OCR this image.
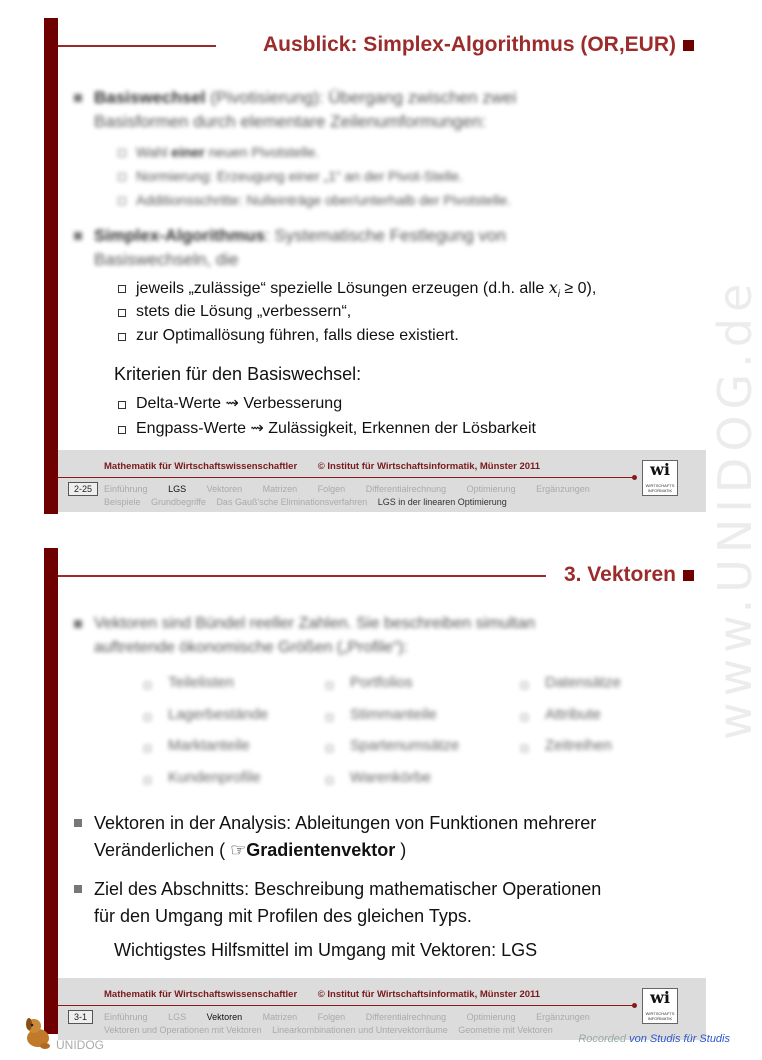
www.UNIDOG.de
Ausblick: Simplex-Algorithmus (OR,EUR)
Basiswechsel (Pivotisierung): Übergang zwischen zwei
Basisformen durch elementare Zeilenumformungen:
Wahl einer neuen Pivotstelle.
Normierung: Erzeugung einer „1“ an der Pivot-Stelle.
Additionsschritte: Nulleinträge ober/unterhalb der Pivotstelle.
Simplex-Algorithmus: Systematische Festlegung von
Basiswechseln, die
jeweils „zulässige“ spezielle Lösungen erzeugen (d.h. alle $x_i \ge 0$),
stets die Lösung „verbessern“,
zur Optimallösung führen, falls diese existiert.
Kriterien für den Basiswechsel:
Delta-Werte ⇝ Verbesserung
Engpass-Werte ⇝ Zulässigkeit, Erkennen der Lösbarkeit
Mathematik für Wirtschaftswissenschaftler © Institut für Wirtschaftsinformatik, Münster 2011
2-25	Einführung LGS Vektoren Matrizen Folgen Differentialrechnung Optimierung Ergänzungen
Beispiele Grundbegriffe Das Gauß'sche Eliminationsverfahren LGS in der linearen Optimierung
wi
WIRTSCHAFTS INFORMATIK
3. Vektoren
Vektoren sind Bündel reeller Zahlen. Sie beschreiben simultan
auftretende ökonomische Größen („Profile“):
Teilelisten	Portfolios	Datensätze
Lagerbestände	Stimmanteile	Attribute
Marktanteile	Spartenumsätze	Zeitreihen
Kundenprofile	Warenkörbe
Vektoren in der Analysis: Ableitungen von Funktionen mehrerer
Veränderlichen ( ☞Gradientenvektor )
Ziel des Abschnitts: Beschreibung mathematischer Operationen
für den Umgang mit Profilen des gleichen Typs.
Wichtigstes Hilfsmittel im Umgang mit Vektoren: LGS
Mathematik für Wirtschaftswissenschaftler © Institut für Wirtschaftsinformatik, Münster 2011
3-1	Einführung LGS Vektoren Matrizen Folgen Differentialrechnung Optimierung Ergänzungen
Vektoren und Operationen mit Vektoren Linearkombinationen und Untervektorräume Geometrie mit Vektoren
wi
WIRTSCHAFTS INFORMATIK
UNIDOG	Rocorded von Studis für Studis
